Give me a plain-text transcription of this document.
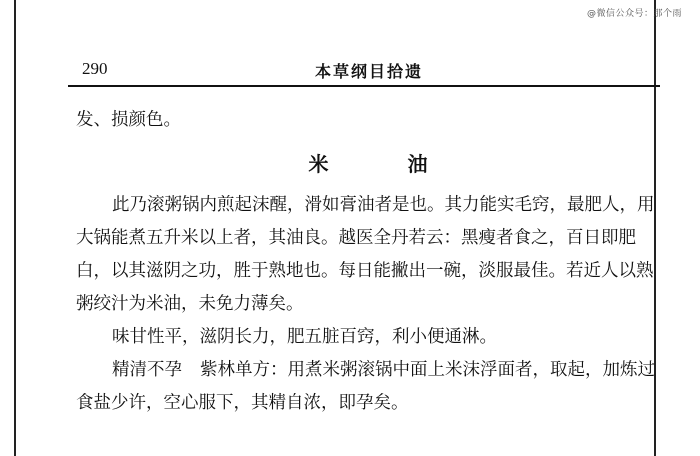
@微信公众号：那个雨
290	本草纲目拾遗

发、损颜色。

米 油

此乃滚粥锅内煎起沫醒，滑如膏油者是也。其力能实毛窍，最肥人，用大锅能煮五升米以上者，其油良。越医全丹若云：黑瘦者食之，百日即肥白，以其滋阴之功，胜于熟地也。每日能撇出一碗，淡服最佳。若近人以熟粥绞汁为米油，未免力薄矣。

味甘性平，滋阴长力，肥五脏百窍，利小便通淋。

精清不孕 紫林单方：用煮米粥滚锅中面上米沫浮面者，取起，加炼过食盐少许，空心服下，其精自浓，即孕矣。
